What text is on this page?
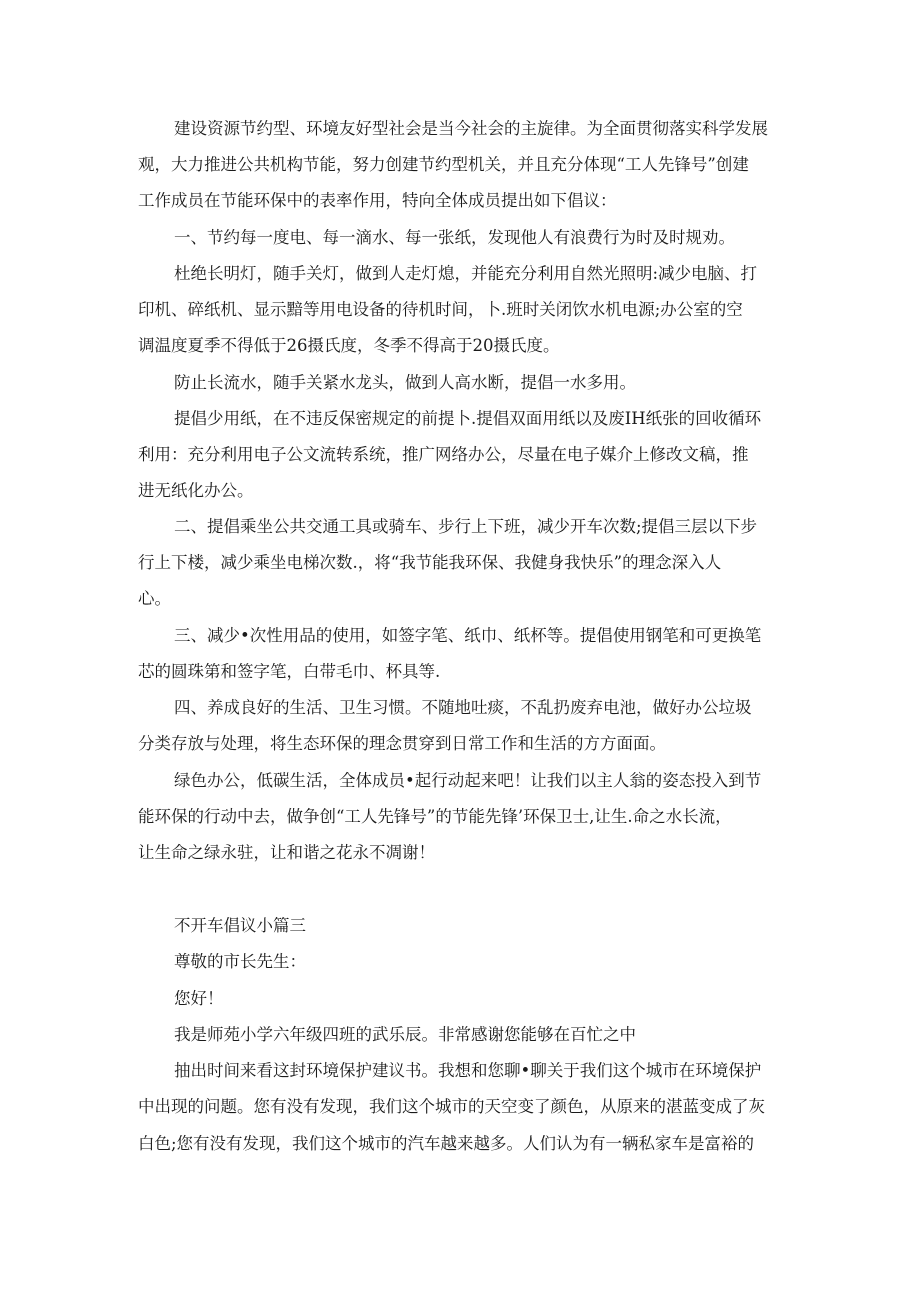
建设资源节约型、环境友好型社会是当今社会的主旋律。为全面贯彻落实科学发展
观，大力推进公共机构节能，努力创建节约型机关，并且充分体现“工人先锋号”创建
工作成员在节能环保中的表率作用，特向全体成员提出如下倡议：
一、节约每一度电、每一滴水、每一张纸，发现他人有浪费行为时及时规劝。
杜绝长明灯，随手关灯，做到人走灯熄，并能充分利用自然光照明:减少电脑、打
印机、碎纸机、显示黯等用电设备的待机时间，卜.班时关闭饮水机电源;办公室的空
调温度夏季不得低于26摄氏度，冬季不得高于20摄氏度。
防止长流水，随手关紧水龙头，做到人高水断，提倡一水多用。
提倡少用纸，在不违反保密规定的前提卜.提倡双面用纸以及废IH纸张的回收循环
利用：充分利用电子公文流转系统，推广网络办公，尽量在电子媒介上修改文稿，推
进无纸化办公。
二、提倡乘坐公共交通工具或骑车、步行上下班，减少开车次数;提倡三层以下步
行上下楼，减少乘坐电梯次数.，将“我节能我环保、我健身我快乐”的理念深入人
心。
三、减少•次性用品的使用，如签字笔、纸巾、纸杯等。提倡使用钢笔和可更换笔
芯的圆珠第和签字笔，白带毛巾、杯具等.
四、养成良好的生活、卫生习惯。不随地吐痰，不乱扔废弃电池，做好办公垃圾
分类存放与处理，将生态环保的理念贯穿到日常工作和生活的方方面面。
绿色办公，低碳生活，全体成员•起行动起来吧！让我们以主人翁的姿态投入到节
能环保的行动中去，做争创“工人先锋号”的节能先锋’环保卫士,让生.命之水长流，
让生命之绿永驻，让和谐之花永不凋谢！
不开车倡议小篇三
尊敬的市长先生：
您好！
我是师苑小学六年级四班的武乐辰。非常感谢您能够在百忙之中
抽出时间来看这封环境保护建议书。我想和您聊•聊关于我们这个城市在环境保护
中出现的问题。您有没有发现，我们这个城市的天空变了颜色，从原来的湛蓝变成了灰
白色;您有没有发现，我们这个城市的汽车越来越多。人们认为有一辆私家车是富裕的
